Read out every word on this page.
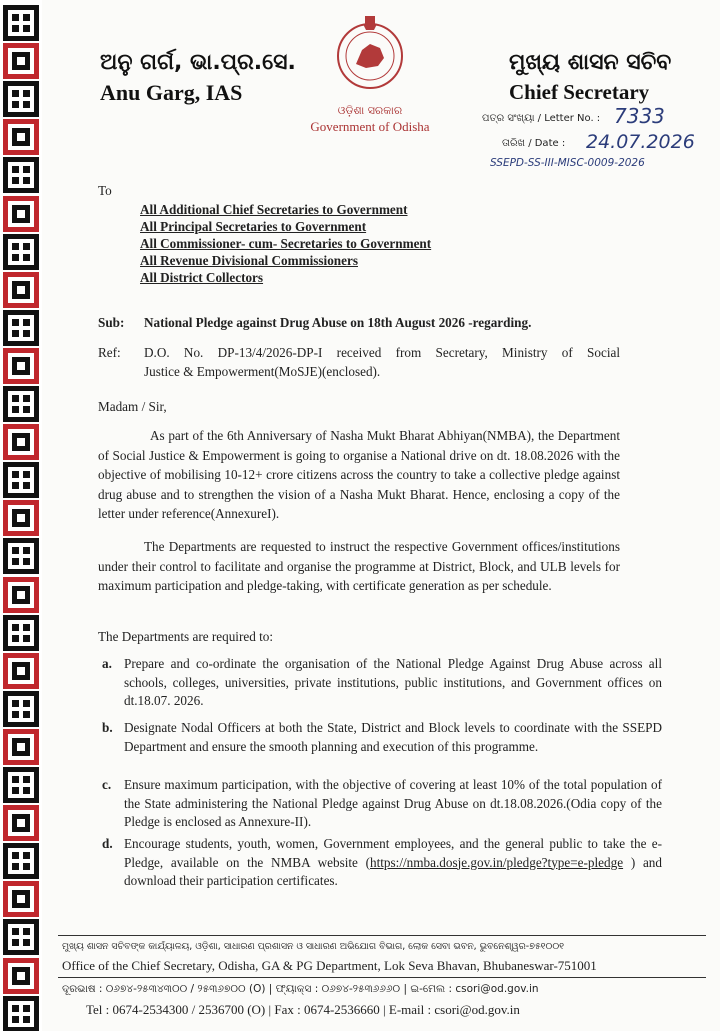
ଅନୁ ଗର୍ଗ, ଭା.ପ୍ର.ସେ.
Anu Garg, IAS
ଓଡ଼ିଶା ସରକାର
Government of Odisha
ମୁଖ୍ୟ ଶାସନ ସଚିବ
Chief Secretary
ପତ୍ର ସଂଖ୍ୟା / Letter No. : 7333
ତାରିଖ / Date : 24.07.2026
SSEPD-SS-III-MISC-0009-2026
To
All Additional Chief Secretaries to Government
All Principal Secretaries to Government
All Commissioner- cum- Secretaries to Government
All Revenue Divisional Commissioners
All District Collectors
Sub: National Pledge against Drug Abuse on 18th August 2026 -regarding.
Ref: D.O. No. DP-13/4/2026-DP-I received from Secretary, Ministry of Social
Justice & Empowerment(MoSJE)(enclosed).
Madam / Sir,
As part of the 6th Anniversary of Nasha Mukt Bharat Abhiyan(NMBA), the Department of Social Justice & Empowerment is going to organise a National drive on dt. 18.08.2026 with the objective of mobilising 10-12+ crore citizens across the country to take a collective pledge against drug abuse and to strengthen the vision of a Nasha Mukt Bharat. Hence, enclosing a copy of the letter under reference(AnnexureI).
The Departments are requested to instruct the respective Government offices/institutions under their control to facilitate and organise the programme at District, Block, and ULB levels for maximum participation and pledge-taking, with certificate generation as per schedule.
The Departments are required to:
a. Prepare and co-ordinate the organisation of the National Pledge Against Drug Abuse across all schools, colleges, universities, private institutions, public institutions, and Government offices on dt.18.07. 2026.
b. Designate Nodal Officers at both the State, District and Block levels to coordinate with the SSEPD Department and ensure the smooth planning and execution of this programme.
c. Ensure maximum participation, with the objective of covering at least 10% of the total population of the State administering the National Pledge against Drug Abuse on dt.18.08.2026.(Odia copy of the Pledge is enclosed as Annexure-II).
d. Encourage students, youth, women, Government employees, and the general public to take the e-Pledge, available on the NMBA website (https://nmba.dosje.gov.in/pledge?type=e-pledge ) and download their participation certificates.
ମୁଖ୍ୟ ଶାସନ ସଚିବଙ୍କ କାର୍ଯ୍ୟାଳୟ, ଓଡ଼ିଶା, ସାଧାରଣ ପ୍ରଶାସନ ଓ ସାଧାରଣ ଅଭିଯୋଗ ବିଭାଗ, ଲୋକ ସେବା ଭବନ, ଭୁବନେଶ୍ୱର-୭୫୧୦୦୧
Office of the Chief Secretary, Odisha, GA & PG Department, Lok Seva Bhavan, Bhubaneswar-751001
ଦୂରଭାଷ : ୦୬୭୪-୨୫୩୪୩୦୦ / ୨୫୩୬୭୦୦ (O) | ଫ୍ୟାକ୍ସ : ୦୬୭୪-୨୫୩୬୬୬୦ | ଇ-ମେଲ : csori@od.gov.in
Tel : 0674-2534300 / 2536700 (O) | Fax : 0674-2536660 | E-mail : csori@od.gov.in
